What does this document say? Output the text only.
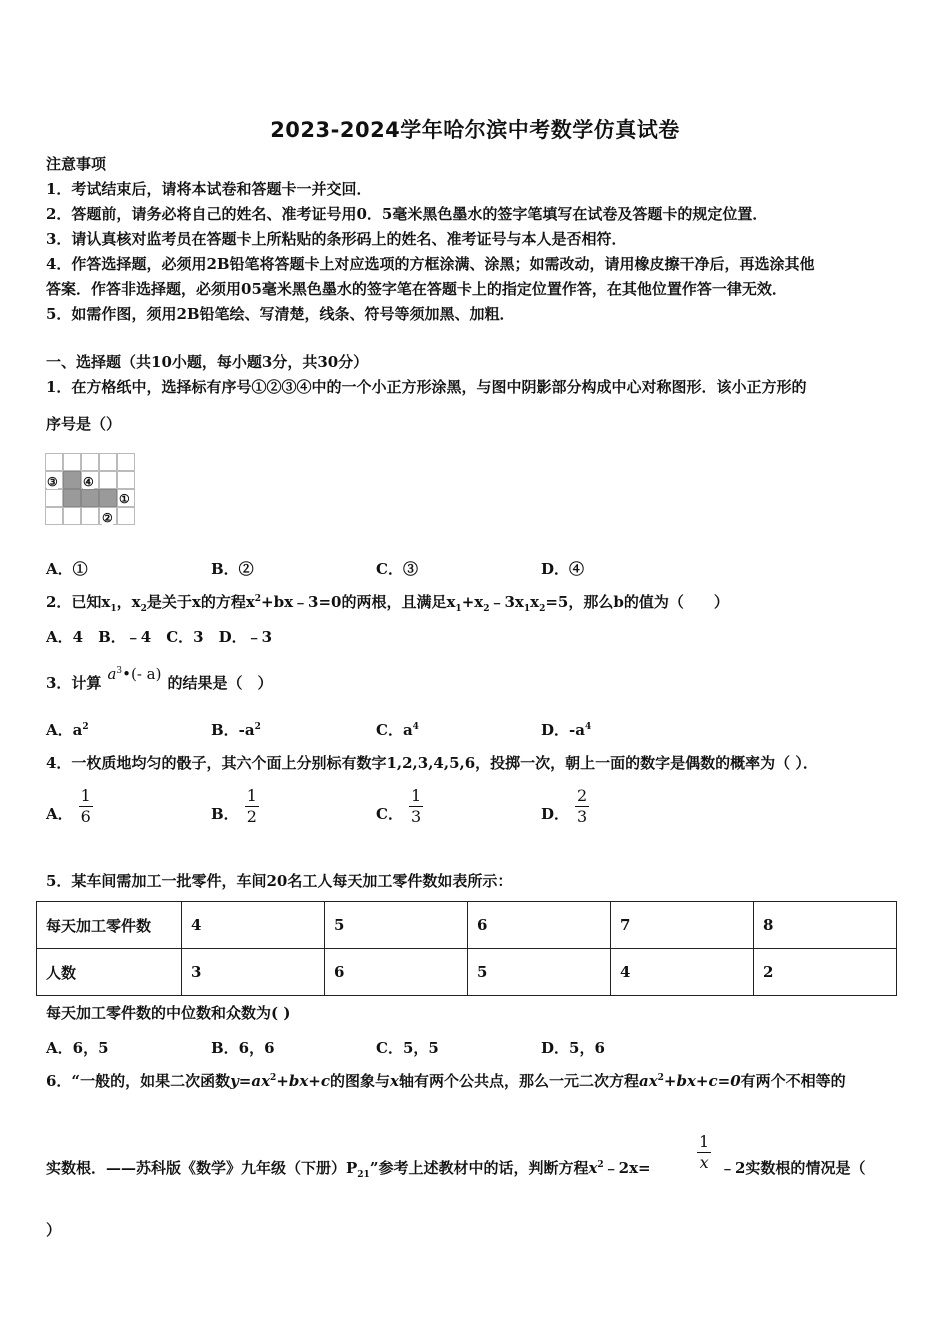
2023-2024学年哈尔滨中考数学仿真试卷
注意事项
1．考试结束后，请将本试卷和答题卡一并交回．
2．答题前，请务必将自己的姓名、准考证号用0．5毫米黑色墨水的签字笔填写在试卷及答题卡的规定位置．
3．请认真核对监考员在答题卡上所粘贴的条形码上的姓名、准考证号与本人是否相符．
4．作答选择题，必须用2B铅笔将答题卡上对应选项的方框涂满、涂黑；如需改动，请用橡皮擦干净后，再选涂其他
答案．作答非选择题，必须用05毫米黑色墨水的签字笔在答题卡上的指定位置作答，在其他位置作答一律无效．
5．如需作图，须用2B铅笔绘、写清楚，线条、符号等须加黑、加粗．
一、选择题（共10小题，每小题3分，共30分）
1．在方格纸中，选择标有序号①②③④中的一个小正方形涂黑，与图中阴影部分构成中心对称图形．该小正方形的
序号是（）
③ ④
①
②
A．①	B．②	C．③	D．④
2．已知$x_1$，$x_2$是关于x的方程$x^2+bx﹣3=0$的两根，且满足$x_1+x_2﹣3x_1x_2=5$，那么b的值为（　　）
A．4　B．﹣4　C．3　D．﹣3
3．计算 $a^3•(-$ a) 的结果是（　）
A．$a^2$	B．$-a^2$	C．$a^4$	D．$-a^4$
4．一枚质地均匀的骰子，其六个面上分别标有数字1,2,3,4,5,6，投掷一次，朝上一面的数字是偶数的概率为（ ）．
A． $\frac{1}{6}$	B． $\frac{1}{2}$	C． $\frac{1}{3}$	D． $\frac{2}{3}$
5．某车间需加工一批零件，车间20名工人每天加工零件数如表所示：
每天加工零件数	4	5	6	7	8
人数	3	6	5	4	2
每天加工零件数的中位数和众数为( )
A．6，5	B．6，6	C．5，5	D．5，6
6．“一般的，如果二次函数$y=ax^2+bx+c$的图象与x轴有两个公共点，那么一元二次方程$ax^2+bx+c=0$有两个不相等的
实数根．——苏科版《数学》九年级（下册）$P_{21}$”参考上述教材中的话，判断方程$x^2﹣2x=$
1
x ﹣2实数根的情况是（
）
